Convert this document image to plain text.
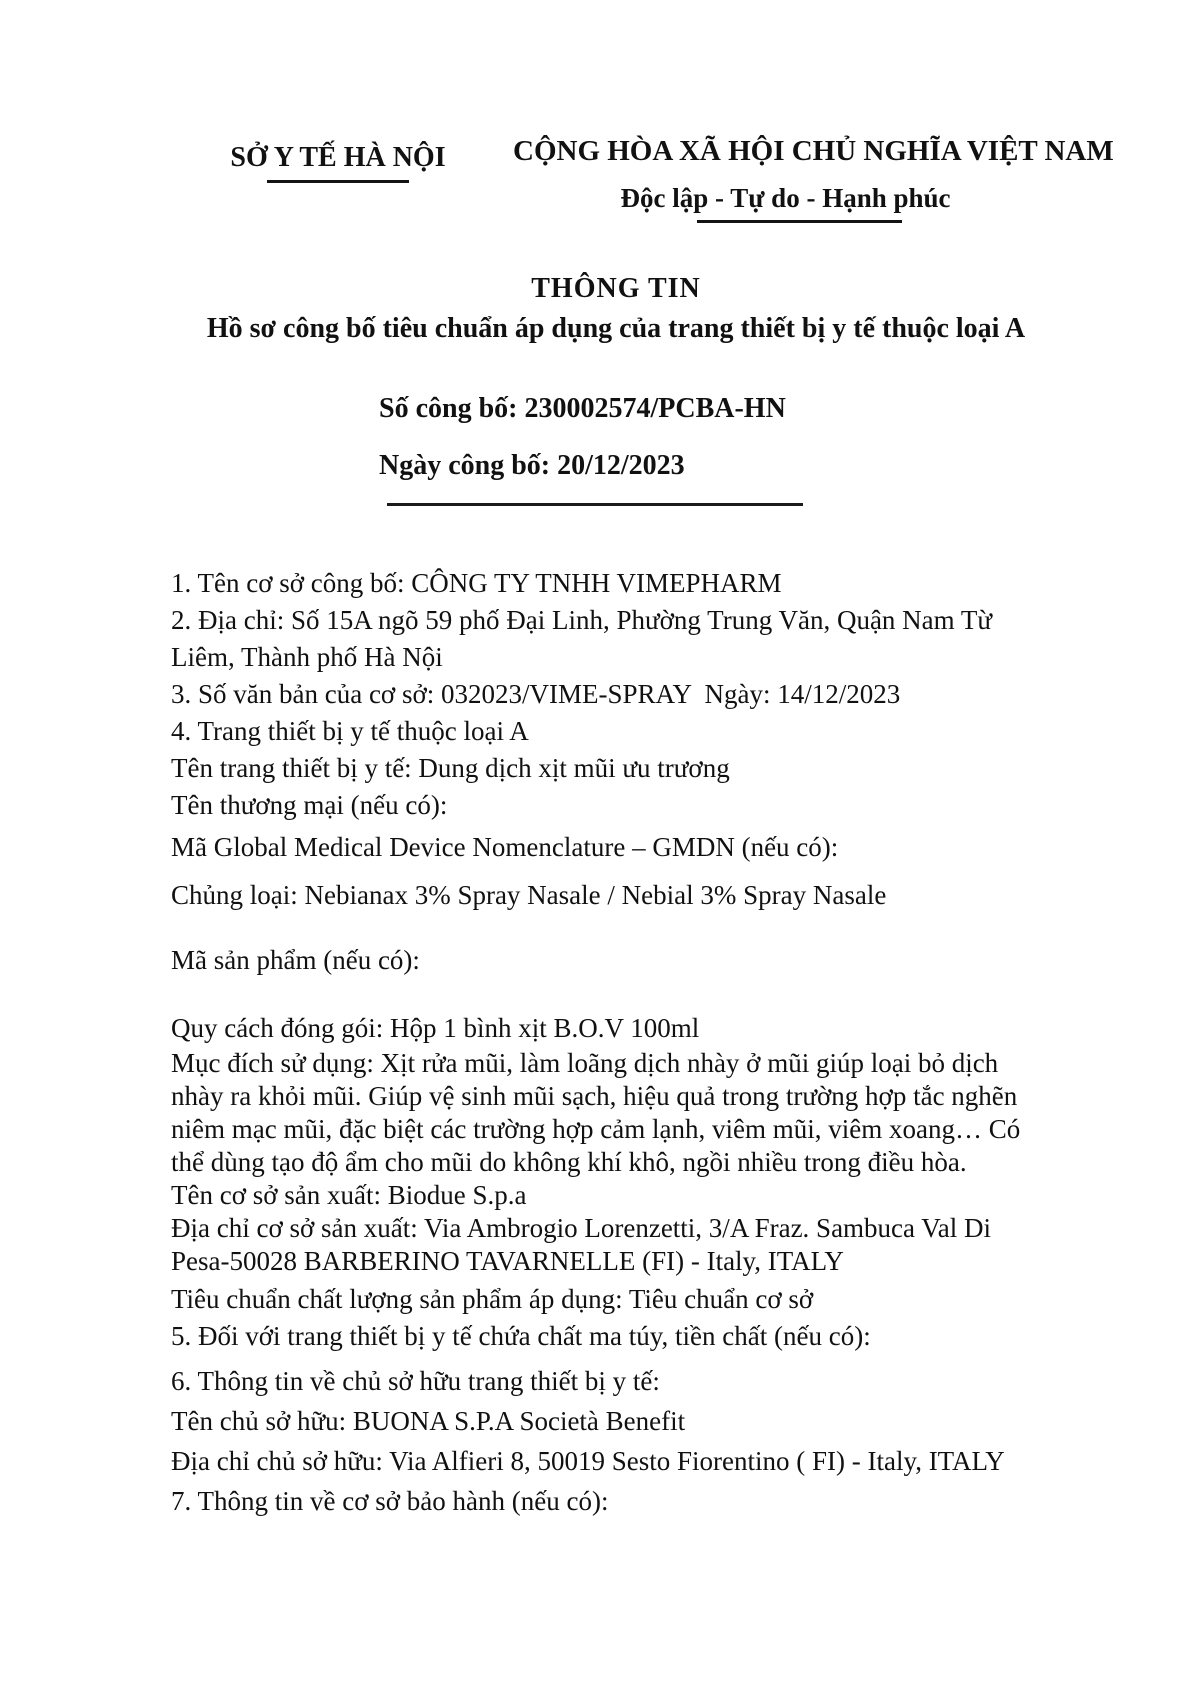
SỞ Y TẾ HÀ NỘI CỘNG HÒA XÃ HỘI CHỦ NGHĨA VIỆT NAM
Độc lập - Tự do - Hạnh phúc
THÔNG TIN
Hồ sơ công bố tiêu chuẩn áp dụng của trang thiết bị y tế thuộc loại A
Số công bố: 230002574/PCBA-HN
Ngày công bố: 20/12/2023
1. Tên cơ sở công bố: CÔNG TY TNHH VIMEPHARM
2. Địa chỉ: Số 15A ngõ 59 phố Đại Linh, Phường Trung Văn, Quận Nam Từ
Liêm, Thành phố Hà Nội
3. Số văn bản của cơ sở: 032023/VIME-SPRAY  Ngày: 14/12/2023
4. Trang thiết bị y tế thuộc loại A
Tên trang thiết bị y tế: Dung dịch xịt mũi ưu trương
Tên thương mại (nếu có):
Mã Global Medical Device Nomenclature – GMDN (nếu có):
Chủng loại: Nebianax 3% Spray Nasale / Nebial 3% Spray Nasale
Mã sản phẩm (nếu có):
Quy cách đóng gói: Hộp 1 bình xịt B.O.V 100ml
Mục đích sử dụng: Xịt rửa mũi, làm loãng dịch nhày ở mũi giúp loại bỏ dịch
nhày ra khỏi mũi. Giúp vệ sinh mũi sạch, hiệu quả trong trường hợp tắc nghẽn
niêm mạc mũi, đặc biệt các trường hợp cảm lạnh, viêm mũi, viêm xoang… Có
thể dùng tạo độ ẩm cho mũi do không khí khô, ngồi nhiều trong điều hòa.
Tên cơ sở sản xuất: Biodue S.p.a
Địa chỉ cơ sở sản xuất: Via Ambrogio Lorenzetti, 3/A Fraz. Sambuca Val Di
Pesa-50028 BARBERINO TAVARNELLE (FI) - Italy, ITALY
Tiêu chuẩn chất lượng sản phẩm áp dụng: Tiêu chuẩn cơ sở
5. Đối với trang thiết bị y tế chứa chất ma túy, tiền chất (nếu có):
6. Thông tin về chủ sở hữu trang thiết bị y tế:
Tên chủ sở hữu: BUONA S.P.A Società Benefit
Địa chỉ chủ sở hữu: Via Alfieri 8, 50019 Sesto Fiorentino ( FI) - Italy, ITALY
7. Thông tin về cơ sở bảo hành (nếu có):
